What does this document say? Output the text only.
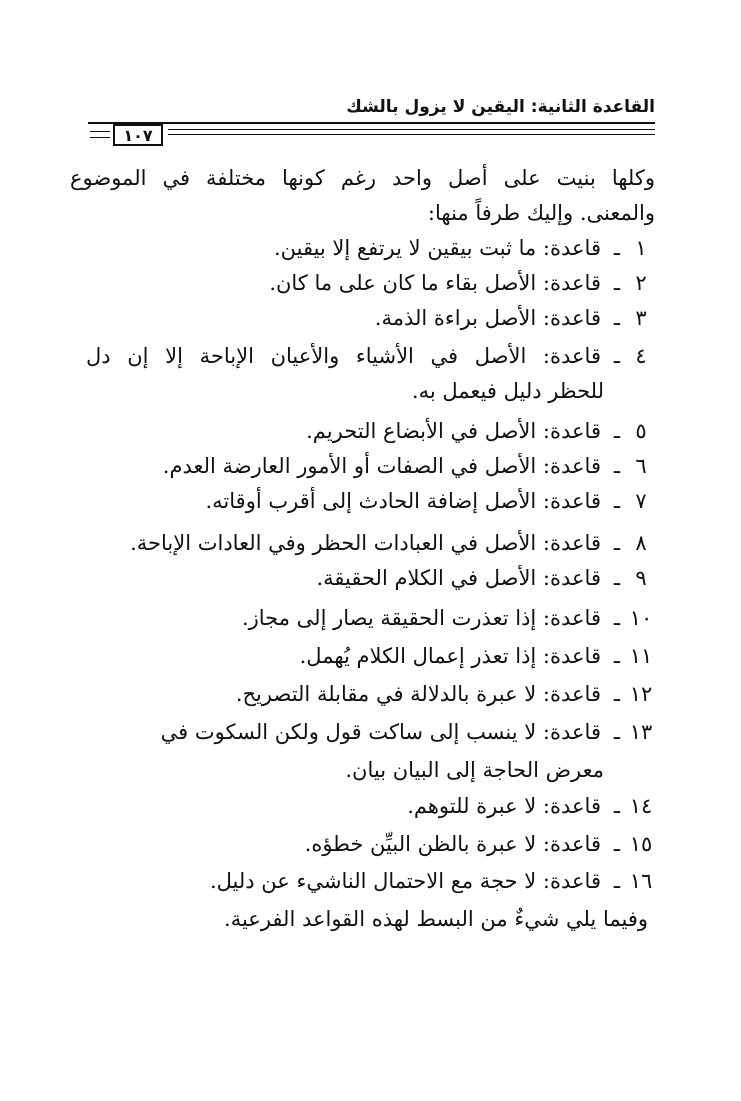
القاعدة الثانية: اليقين لا يزول بالشك
١٠٧
وكلها بنيت على أصل واحد رغم كونها مختلفة في الموضوع
والمعنى. وإليك طرفاً منها:
١
ـ
قاعدة: ما ثبت بيقين لا يرتفع إلا بيقين.
٢
ـ
قاعدة: الأصل بقاء ما كان على ما كان.
٣
ـ
قاعدة: الأصل براءة الذمة.
٤
ـ
قاعدة: الأصل في الأشياء والأعيان الإباحة إلا إن دل
للحظر دليل فيعمل به.
٥
ـ
قاعدة: الأصل في الأبضاع التحريم.
٦
ـ
قاعدة: الأصل في الصفات أو الأمور العارضة العدم.
٧
ـ
قاعدة: الأصل إضافة الحادث إلى أقرب أوقاته.
٨
ـ
قاعدة: الأصل في العبادات الحظر وفي العادات الإباحة.
٩
ـ
قاعدة: الأصل في الكلام الحقيقة.
١٠
ـ
قاعدة: إذا تعذرت الحقيقة يصار إلى مجاز.
١١
ـ
قاعدة: إذا تعذر إعمال الكلام يُهمل.
١٢
ـ
قاعدة: لا عبرة بالدلالة في مقابلة التصريح.
١٣
ـ
قاعدة: لا ينسب إلى ساكت قول ولكن السكوت في
معرض الحاجة إلى البيان بيان.
١٤
ـ
قاعدة: لا عبرة للتوهم.
١٥
ـ
قاعدة: لا عبرة بالظن البيِّن خطؤه.
١٦
ـ
قاعدة: لا حجة مع الاحتمال الناشيء عن دليل.
وفيما يلي شيءٌ من البسط لهذه القواعد الفرعية.
